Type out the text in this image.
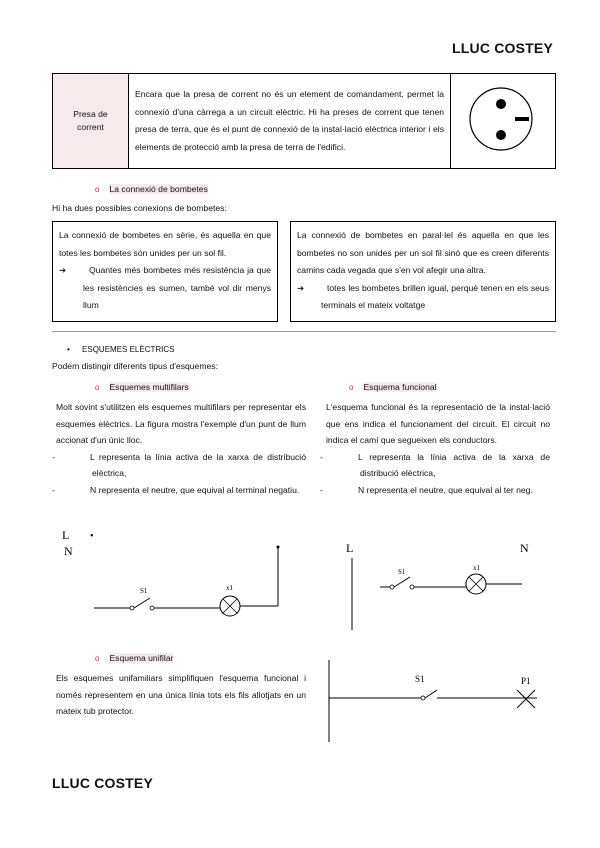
LLUC COSTEY
Presa de
corrent
	Encara que la presa de corrent no és un element de comandament, permet la connexió d'una càrrega a un circuit elèctric. Hi ha preses de corrent que tenen presa de terra, que és el punt de connexió de la instal·lació elèctrica interior i els elements de protecció amb la presa de terra de l'edifici.	
o La connexió de bombetes
Hi ha dues possibles conexions de bombetes:
La connexió de bombetes en sèrie, és aquella en que totes les bombetes són unides per un sol fil.
➔	Quantes més bombetes més resistència ja que les resistències es sumen, també vol dir menys llum
La connexió de bombetes en paral·lel és aquella en que les bombetes no son unides per un sol fil sinó que es creen diferents camins cada vegada que s'en vol afegir una altra.
➔	totes les bombetes brillen igual, perquè tenen en els seus terminals el mateix voltatge
• ESQUEMES ELÈCTRICS
Podem distingir diferents tipus d'esquemes:
o Esquemes multifilars
Molt sovint s'utilitzen els esquemes multifilars per representar els esquemes elèctrics. La figura mostra l'exemple d'un punt de llum accionat d'un únic lloc.
-	L representa la línia activa de la xarxa de distribució elèctrica,
-	N representa el neutre, que equival al terminal negatiu.
L
N
•
S1	x1
o Esquema funcional
L'esquema funcional és la representació de la instal·lació que ens indica el funcionament del circuit. El circuit no indica el camí que segueixen els conductors.
-	L representa la línia activa de la xarxa de distribució elèctrica,
-	N representa el neutre, que equival al ter neg.
L	N
S1	x1
o Esquema unifilar
Els esquemes unifamiliars simplifiquen l'esquema funcional i només representem en una única línia tots els fils allotjats en un mateix tub protector.
S1	P1
LLUC COSTEY
